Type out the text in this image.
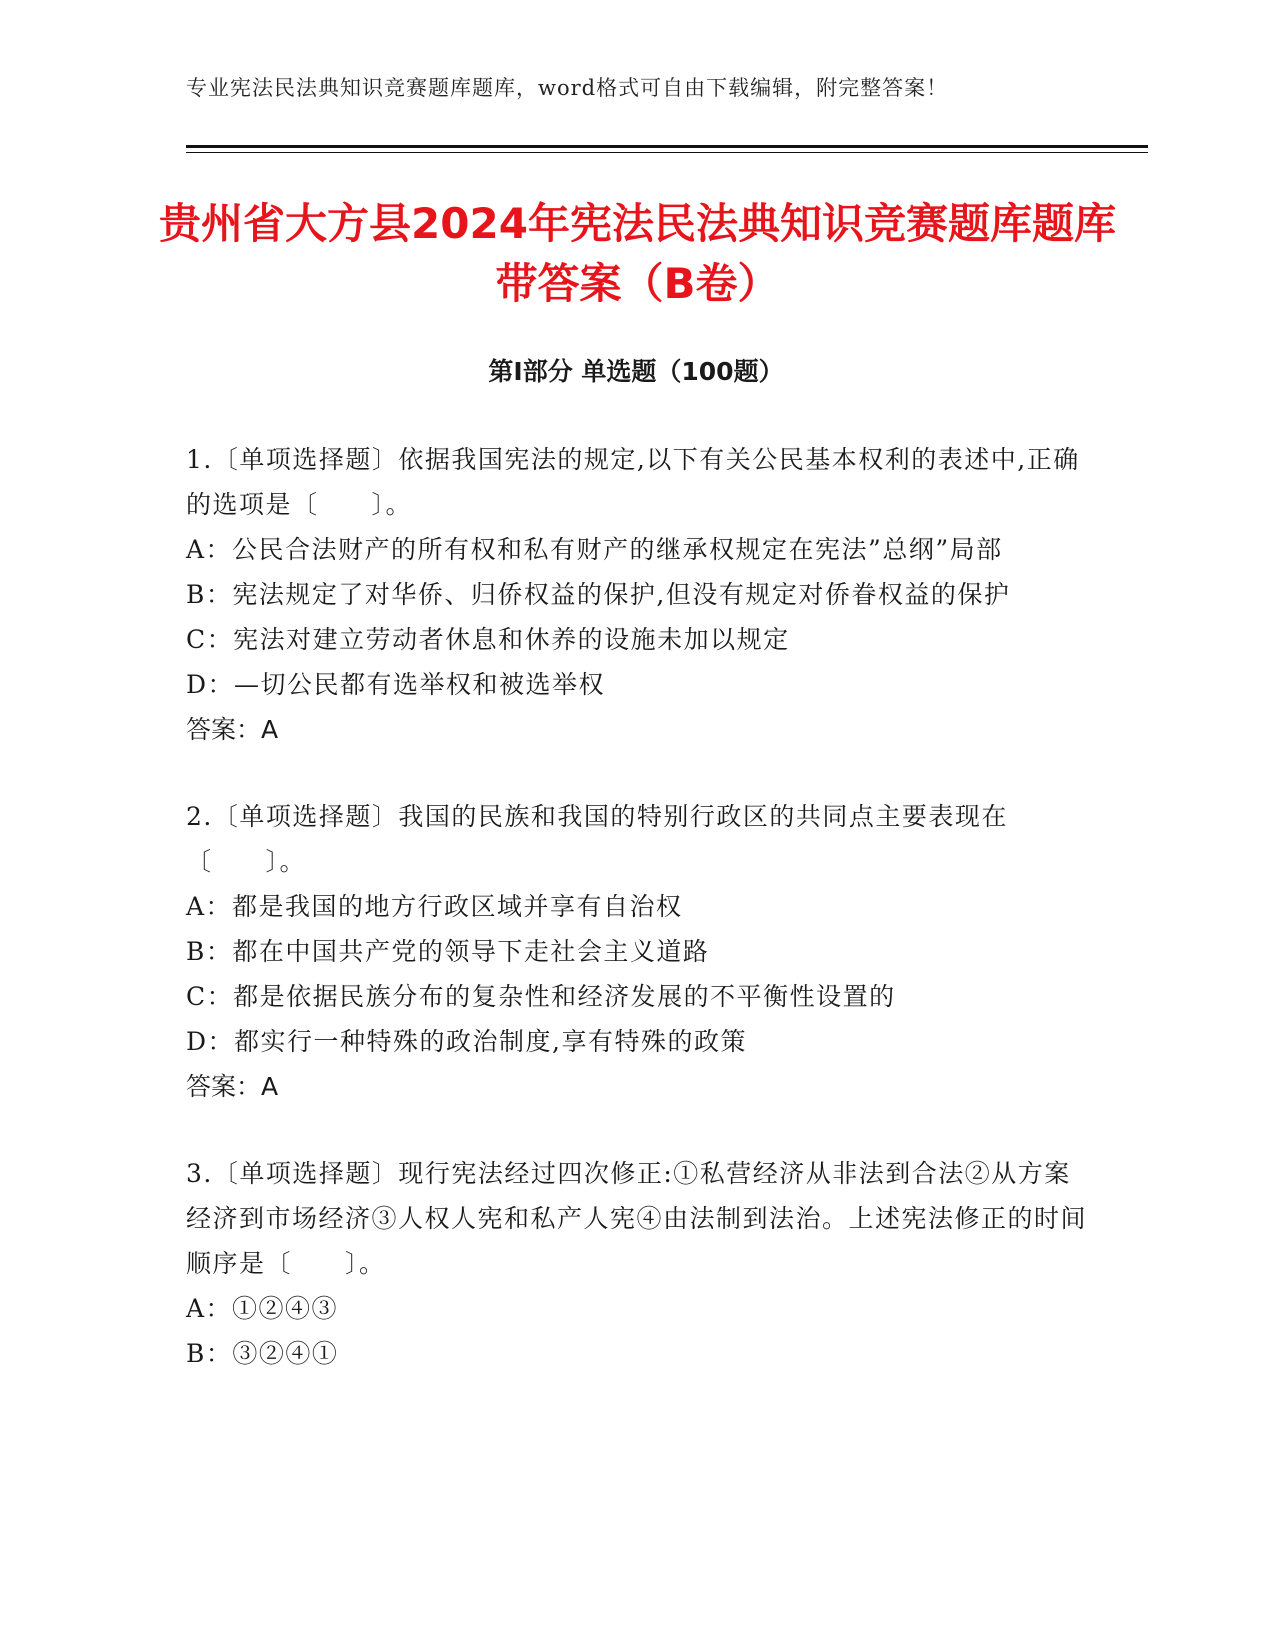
专业宪法民法典知识竞赛题库题库，word格式可自由下载编辑，附完整答案！
贵州省大方县2024年宪法民法典知识竞赛题库题库带答案（B卷）
第Ⅰ部分 单选题（100题）

1.〔单项选择题〕依据我国宪法的规定,以下有关公民基本权利的表述中,正确的选项是〔　　〕。

A：公民合法财产的所有权和私有财产的继承权规定在宪法”总纲”局部

B：宪法规定了对华侨、归侨权益的保护,但没有规定对侨眷权益的保护

C：宪法对建立劳动者休息和休养的设施未加以规定

D：—切公民都有选举权和被选举权

答案：A

2.〔单项选择题〕我国的民族和我国的特别行政区的共同点主要表现在〔　　〕。

A：都是我国的地方行政区域并享有自治权

B：都在中国共产党的领导下走社会主义道路

C：都是依据民族分布的复杂性和经济发展的不平衡性设置的

D：都实行一种特殊的政治制度,享有特殊的政策

答案：A

3.〔单项选择题〕现行宪法经过四次修正:①私营经济从非法到合法②从方案经济到市场经济③人权人宪和私产人宪④由法制到法治。上述宪法修正的时间顺序是〔　　〕。

A：①②④③

B：③②④①
